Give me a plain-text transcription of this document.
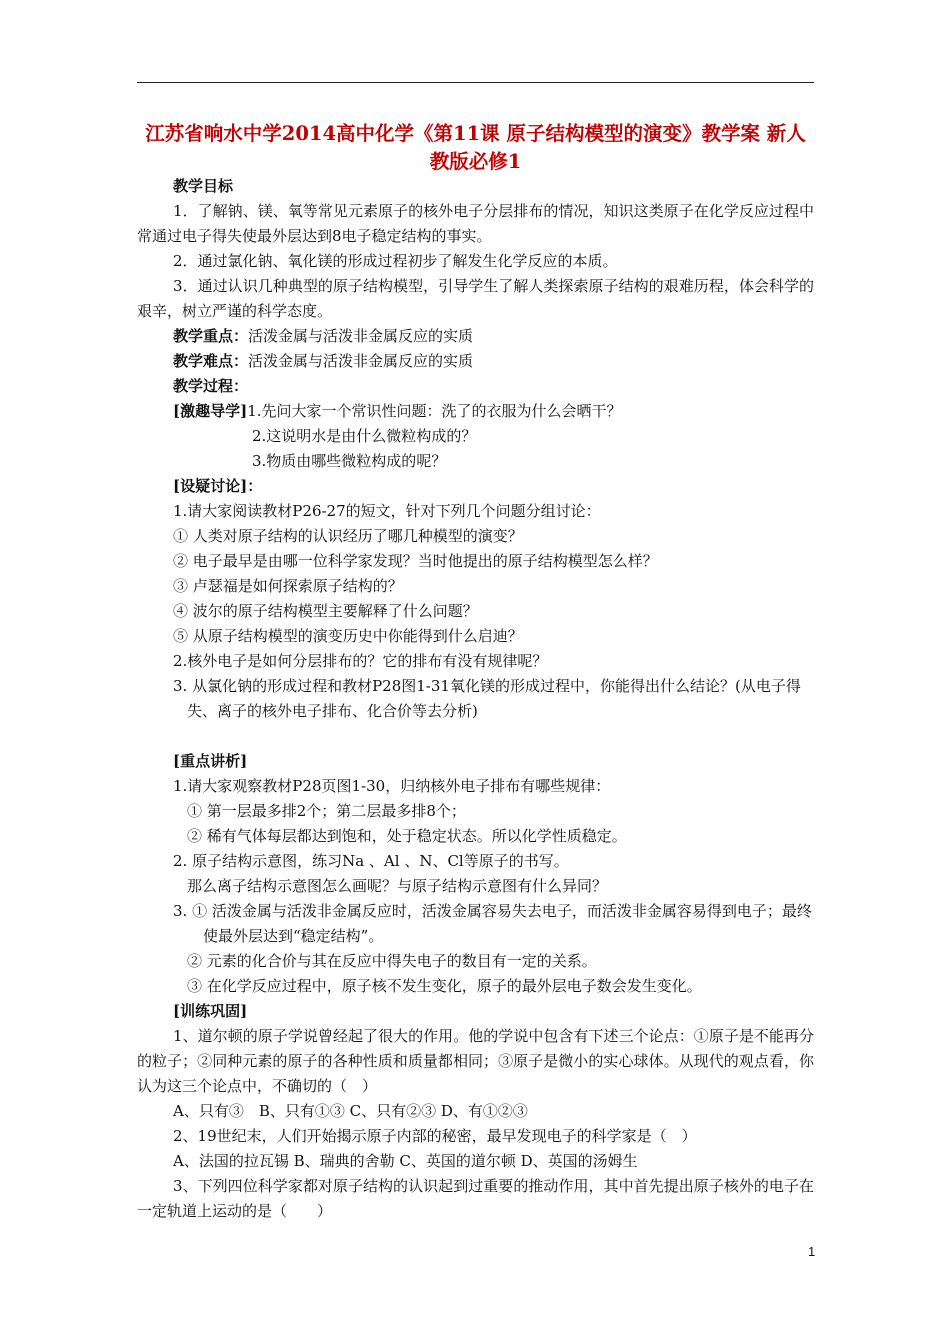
江苏省响水中学2014高中化学《第11课 原子结构模型的演变》教学案 新人教版必修1

教学目标

1．了解钠、镁、氧等常见元素原子的核外电子分层排布的情况，知识这类原子在化学反应过程中常通过电子得失使最外层达到8电子稳定结构的事实。

2．通过氯化钠、氧化镁的形成过程初步了解发生化学反应的本质。

3．通过认识几种典型的原子结构模型，引导学生了解人类探索原子结构的艰难历程，体会科学的艰辛，树立严谨的科学态度。

教学重点：活泼金属与活泼非金属反应的实质

教学难点：活泼金属与活泼非金属反应的实质

教学过程：

[激趣导学]1.先问大家一个常识性问题：洗了的衣服为什么会晒干？

2.这说明水是由什么微粒构成的？

3.物质由哪些微粒构成的呢？

[设疑讨论]：

1.请大家阅读教材P26-27的短文，针对下列几个问题分组讨论：

① 人类对原子结构的认识经历了哪几种模型的演变？

② 电子最早是由哪一位科学家发现？当时他提出的原子结构模型怎么样？

③ 卢瑟福是如何探索原子结构的？

④ 波尔的原子结构模型主要解释了什么问题？

⑤ 从原子结构模型的演变历史中你能得到什么启迪？

2.核外电子是如何分层排布的？它的排布有没有规律呢？

3. 从氯化钠的形成过程和教材P28图1-31氧化镁的形成过程中，你能得出什么结论？(从电子得失、离子的核外电子排布、化合价等去分析)

[重点讲析]

1.请大家观察教材P28页图1-30，归纳核外电子排布有哪些规律：

① 第一层最多排2个；第二层最多排8个；

② 稀有气体每层都达到饱和，处于稳定状态。所以化学性质稳定。

2. 原子结构示意图，练习Na 、Al 、N、Cl等原子的书写。

那么离子结构示意图怎么画呢？与原子结构示意图有什么异同？

3. ① 活泼金属与活泼非金属反应时，活泼金属容易失去电子，而活泼非金属容易得到电子；最终使最外层达到“稳定结构”。

② 元素的化合价与其在反应中得失电子的数目有一定的关系。

③ 在化学反应过程中，原子核不发生变化，原子的最外层电子数会发生变化。

[训练巩固]

1、道尔顿的原子学说曾经起了很大的作用。他的学说中包含有下述三个论点：①原子是不能再分的粒子；②同种元素的原子的各种性质和质量都相同；③原子是微小的实心球体。从现代的观点看，你认为这三个论点中，不确切的（　）

A、只有③　B、只有①③ C、只有②③ D、有①②③

2、19世纪末，人们开始揭示原子内部的秘密，最早发现电子的科学家是（　）

A、法国的拉瓦锡 B、瑞典的舍勒 C、英国的道尔顿 D、英国的汤姆生

3、下列四位科学家都对原子结构的认识起到过重要的推动作用，其中首先提出原子核外的电子在一定轨道上运动的是（　　）

1
